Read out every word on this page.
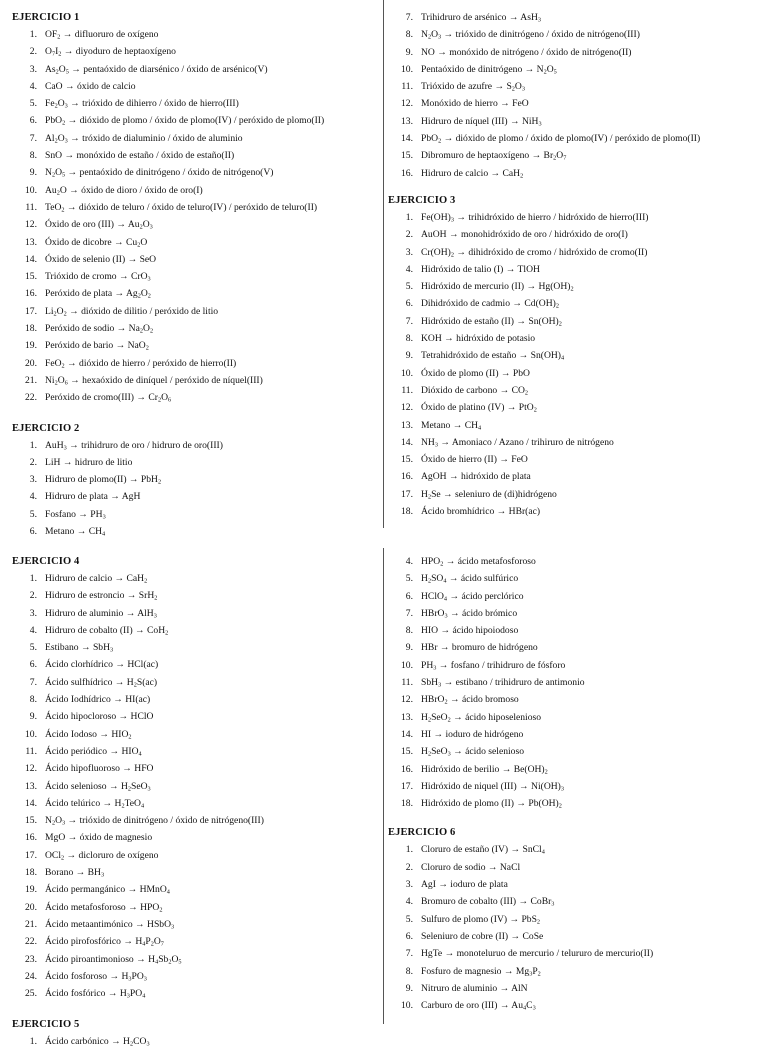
EJERCICIO 1
1. $OF_2$ → difluoruro de oxígeno
2. $O_7I_2$ → diyoduro de heptaoxígeno
3. $As_2O_5$ → pentaóxido de diarsénico / óxido de arsénico(V)
4. CaO → óxido de calcio
5. $Fe_2O_3$ → trióxido de dihierro / óxido de hierro(III)
6. PbO$_2$ → dióxido de plomo / óxido de plomo(IV) / peróxido de plomo(II)
7. $Al_2O_3$ → tróxido de dialuminio / óxido de aluminio
8. SnO → monóxido de estaño / óxido de estaño(II)
9. $N_2O_5$ → pentaóxido de dinitrógeno / óxido de nitrógeno(V)
10. $Au_2O$ → óxido de dioro / óxido de oro(I)
11. TeO$_2$ → dióxido de teluro / óxido de teluro(IV) / peróxido de teluro(II)
12. Óxido de oro $(III) \to Au_2O_3$
13. Óxido de dicobre → $Cu_2O$
14. Óxido de selenio (II) → SeO
15. Trióxido de cromo → CrO$_3$
16. Peróxido de plata → $Ag_2O_2$
17. $Li_2O_2$ → dióxido de dilitio / peróxido de litio
18. Peróxido de sodio → $Na_2O_2$
19. Peróxido de bario → NaO$_2$
20. FeO$_2$ → dióxido de hierro / peróxido de hierro(II)
21. $Ni_2O_6$ → hexaóxido de diníquel / peróxido de níquel(III)
22. Peróxido de cromo(III) → $Cr_2O_6$
EJERCICIO 2
1. AuH$_3$ → trihidruro de oro / hidruro de oro(III)
2. LiH → hidruro de litio
3. Hidruro de plomo(II) → PbH$_2$
4. Hidruro de plata → AgH
5. Fosfano → $PH_3$
6. $Metano \to CH_4$
7. Trihidruro de arsénico → AsH$_3$
8. $N_2O_3$ → trióxido de dinitrógeno / óxido de nitrógeno(III)
9. NO → monóxido de nitrógeno / óxido de nitrógeno(II)
10. Pentaóxido de dinitrógeno → $N_2O_5$
11. Trióxido de azufre → $S_2O_3$
12. Monóxido de hierro → FeO
13. Hidruro de níquel (III) → NiH$_3$
14. PbO$_2$ → dióxido de plomo / óxido de plomo(IV) / peróxido de plomo(II)
15. Dibromuro de heptaoxígeno → $Br_2O_7$
16. Hidruro de calcio → CaH$_2$
EJERCICIO 3
1. $Fe(OH)_3$ → trihidróxido de hierro / hidróxido de hierro(III)
2. AuOH → monohidróxido de oro / hidróxido de oro(I)
3. $Cr(OH)_2$ → dihidróxido de cromo / hidróxido de cromo(II)
4. Hidróxido de talio (I) → TlOH
5. Hidróxido de mercurio $(II) \to Hg(OH)_2$
6. Dihidróxido de cadmio → $Cd(OH)_2$
7. Hidróxido de estaño $(II) \to Sn(OH)_2$
8. KOH → hidróxido de potasio
9. Tetrahidróxido de estaño → $Sn(OH)_4$
10. Óxido de plomo (II) → PbO
11. Dióxido de carbono → $CO_2$
12. Óxido de platino (IV) → PtO$_2$
13. $Metano \to CH_4$
14. $NH_3$ → Amoniaco / Azano / trihiruro de nitrógeno
15. Óxido de hierro (II) → FeO
16. AgOH → hidróxido de plata
17. $H_2Se$ → seleniuro de (di)hidrógeno
18. Ácido bromhídrico → HBr(ac)
EJERCICIO 4
1. Hidruro de calcio → CaH$_2$
2. Hidruro de estroncio → SrH$_2$
3. Hidruro de aluminio → AlH$_3$
4. Hidruro de cobalto (II) → CoH$_2$
5. Estibano → SbH$_3$
6. Ácido clorhídrico → HCl(ac)
7. Ácido sulfhídrico → $H_2S(ac)$
8. Ácido Iodhídrico → HI(ac)
9. Ácido hipocloroso → HClO
10. Ácido Iodoso → $HIO_2$
11. Ácido periódico → $HIO_4$
12. Ácido hipofluoroso → HFO
13. Ácido selenioso → $H_2SeO_3$
14. Ácido telúrico → $H_2TeO_4$
15. $N_2O_3$ → trióxido de dinitrógeno / óxido de nitrógeno(III)
16. MgO → óxido de magnesio
17. OCl$_2$ → dicloruro de oxígeno
18. Borano → $BH_3$
19. Ácido permangánico → HMnO$_4$
20. Ácido metafosforoso → $HPO_2$
21. Ácido metaantimónico → HSbO$_3$
22. Ácido pirofosfórico → $H_4P_2O_7$
23. Ácido piroantimonioso → $H_4Sb_2O_5$
24. Ácido fosforoso → $H_3PO_3$
25. Ácido fosfórico → $H_3PO_4$
EJERCICIO 5
1. Ácido carbónico → $H_2CO_3$
4. $HPO_2$ → ácido metafosforoso
5. $H_2SO_4$ → ácido sulfúrico
6. HClO$_4$ → ácido perclórico
7. HBrO$_3$ → ácido brómico
8. HIO → ácido hipoiodoso
9. HBr → bromuro de hidrógeno
10. $PH_3$ → fosfano / trihidruro de fósforo
11. SbH$_3$ → estibano / trihidruro de antimonio
12. HBrO$_2$ → ácido bromoso
13. $H_2SeO_2$ → ácido hiposelenioso
14. HI → ioduro de hidrógeno
15. $H_2SeO_3$ → ácido selenioso
16. Hidróxido de berilio → $Be(OH)_2$
17. Hidróxido de niquel $(III) \to Ni(OH)_3$
18. Hidróxido de plomo $(II) \to Pb(OH)_2$
EJERCICIO 6
1. Cloruro de estaño (IV) → SnCl$_4$
2. Cloruro de sodio → NaCl
3. AgI → ioduro de plata
4. Bromuro de cobalto (III) → CoBr$_3$
5. Sulfuro de plomo (IV) → PbS$_2$
6. Seleniuro de cobre (II) → CoSe
7. HgTe → monoteluruo de mercurio / telururo de mercurio(II)
8. Fosfuro de magnesio → $Mg_3P_2$
9. Nitruro de aluminio → AlN
10. Carburo de oro $(III) \to Au_4C_3$
